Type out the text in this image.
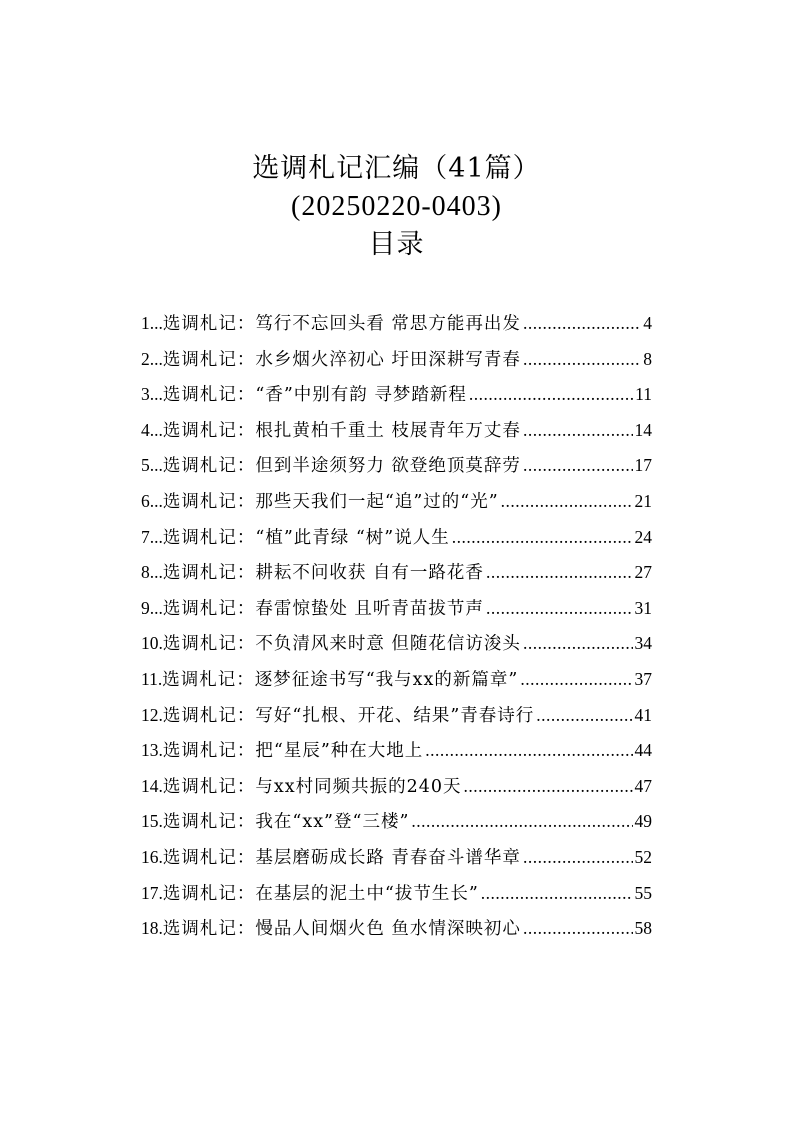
选调札记汇编（41篇）
(20250220-0403)
目录
1... 选调札记：笃行不忘回头看 常思方能再出发 .....	4
2... 选调札记：水乡烟火淬初心 圩田深耕写青春 .....	8
3... 选调札记：“香”中别有韵 寻梦踏新程 .....	11
4... 选调札记：根扎黄柏千重土 枝展青年万丈春 .....	14
5... 选调札记：但到半途须努力 欲登绝顶莫辞劳 .....	17
6... 选调札记：那些天我们一起“追”过的“光” .....	21
7... 选调札记：“植”此青绿 “树”说人生 .....	24
8... 选调札记：耕耘不问收获 自有一路花香 .....	27
9... 选调札记：春雷惊蛰处 且听青苗拔节声 .....	31
10. 选调札记：不负清风来时意 但随花信访浚头 .....	34
11. 选调札记：逐梦征途书写“我与xx的新篇章” .....	37
12. 选调札记：写好“扎根、开花、结果”青春诗行 .....	41
13. 选调札记：把“星辰”种在大地上 .....	44
14. 选调札记：与xx村同频共振的240天 .....	47
15. 选调札记：我在“xx”登“三楼” .....	49
16. 选调札记：基层磨砺成长路 青春奋斗谱华章 .....	52
17. 选调札记：在基层的泥土中“拔节生长” .....	55
18. 选调札记：慢品人间烟火色 鱼水情深映初心 .....	58
